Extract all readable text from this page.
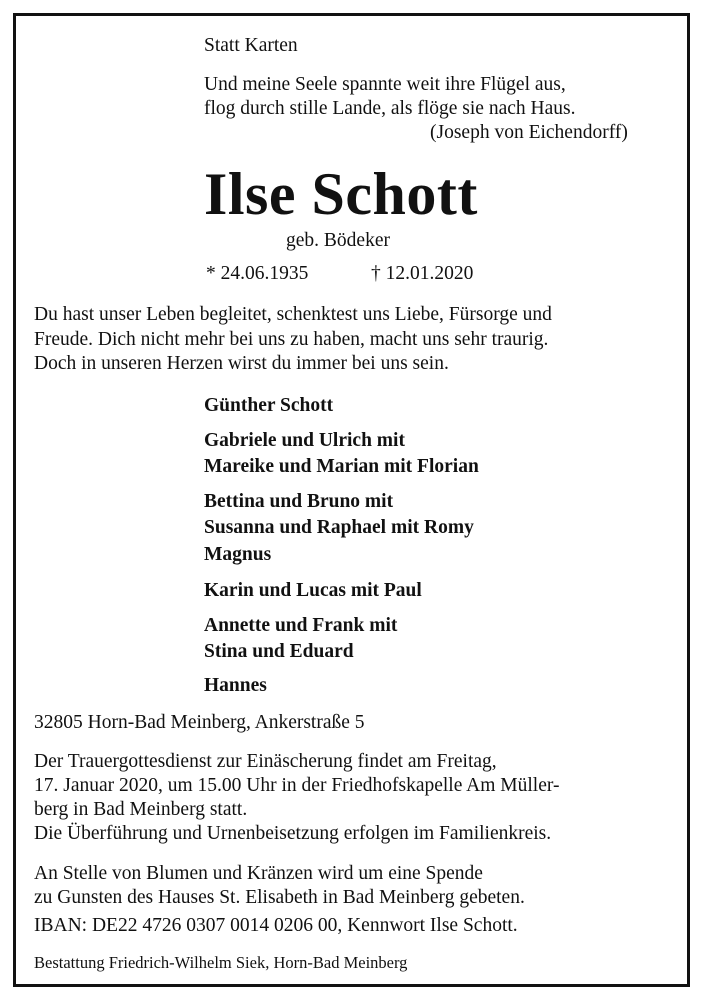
Statt Karten
Und meine Seele spannte weit ihre Flügel aus,
flog durch stille Lande, als flöge sie nach Haus.
(Joseph von Eichendorff)
Ilse Schott
geb. Bödeker
* 24.06.1935	† 12.01.2020
Du hast unser Leben begleitet, schenktest uns Liebe, Fürsorge und
Freude. Dich nicht mehr bei uns zu haben, macht uns sehr traurig.
Doch in unseren Herzen wirst du immer bei uns sein.
Günther Schott
Gabriele und Ulrich mit
Mareike und Marian mit Florian
Bettina und Bruno mit
Susanna und Raphael mit Romy
Magnus
Karin und Lucas mit Paul
Annette und Frank mit
Stina und Eduard
Hannes
32805 Horn-Bad Meinberg, Ankerstraße 5
Der Trauergottesdienst zur Einäscherung findet am Freitag,
17. Januar 2020, um 15.00 Uhr in der Friedhofskapelle Am Müller-
berg in Bad Meinberg statt.
Die Überführung und Urnenbeisetzung erfolgen im Familienkreis.
An Stelle von Blumen und Kränzen wird um eine Spende
zu Gunsten des Hauses St. Elisabeth in Bad Meinberg gebeten.
IBAN: DE22 4726 0307 0014 0206 00, Kennwort Ilse Schott.
Bestattung Friedrich-Wilhelm Siek, Horn-Bad Meinberg
